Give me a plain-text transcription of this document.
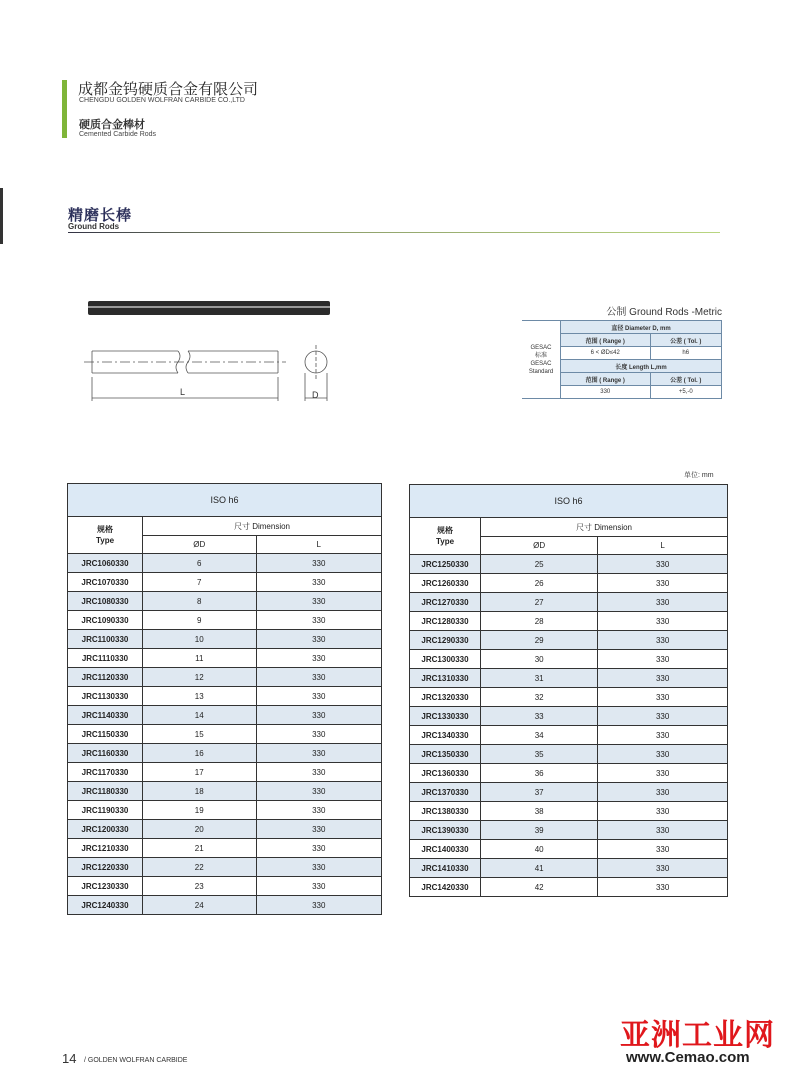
成都金钨硬质合金有限公司
CHENGDU GOLDEN WOLFRAN CARBIDE CO.,LTD
硬质合金棒材
Cemented Carbide Rods
精磨长棒
Ground Rods
L	D
公制 Ground Rods -Metric
GESAC
标准
GESAC
Standard	直径 Diameter D, mm	
	范围 ( Range )	公差 ( Tol. )
	6 < ØD≤42	h6
	长度 Length L,mm	
	范围 ( Range )	公差 ( Tol. )
	330	+5,-0
单位: mm
ISO h6		
规格
Type	尺寸 Dimension	
	ØD	L
JRC1060330	6	330
JRC1070330	7	330
JRC1080330	8	330
JRC1090330	9	330
JRC1100330	10	330
JRC1110330	11	330
JRC1120330	12	330
JRC1130330	13	330
JRC1140330	14	330
JRC1150330	15	330
JRC1160330	16	330
JRC1170330	17	330
JRC1180330	18	330
JRC1190330	19	330
JRC1200330	20	330
JRC1210330	21	330
JRC1220330	22	330
JRC1230330	23	330
JRC1240330	24	330
ISO h6		
规格
Type	尺寸 Dimension	
	ØD	L
JRC1250330	25	330
JRC1260330	26	330
JRC1270330	27	330
JRC1280330	28	330
JRC1290330	29	330
JRC1300330	30	330
JRC1310330	31	330
JRC1320330	32	330
JRC1330330	33	330
JRC1340330	34	330
JRC1350330	35	330
JRC1360330	36	330
JRC1370330	37	330
JRC1380330	38	330
JRC1390330	39	330
JRC1400330	40	330
JRC1410330	41	330
JRC1420330	42	330
14 / GOLDEN WOLFRAN CARBIDE
亚洲工业网
www.Cemao.com
